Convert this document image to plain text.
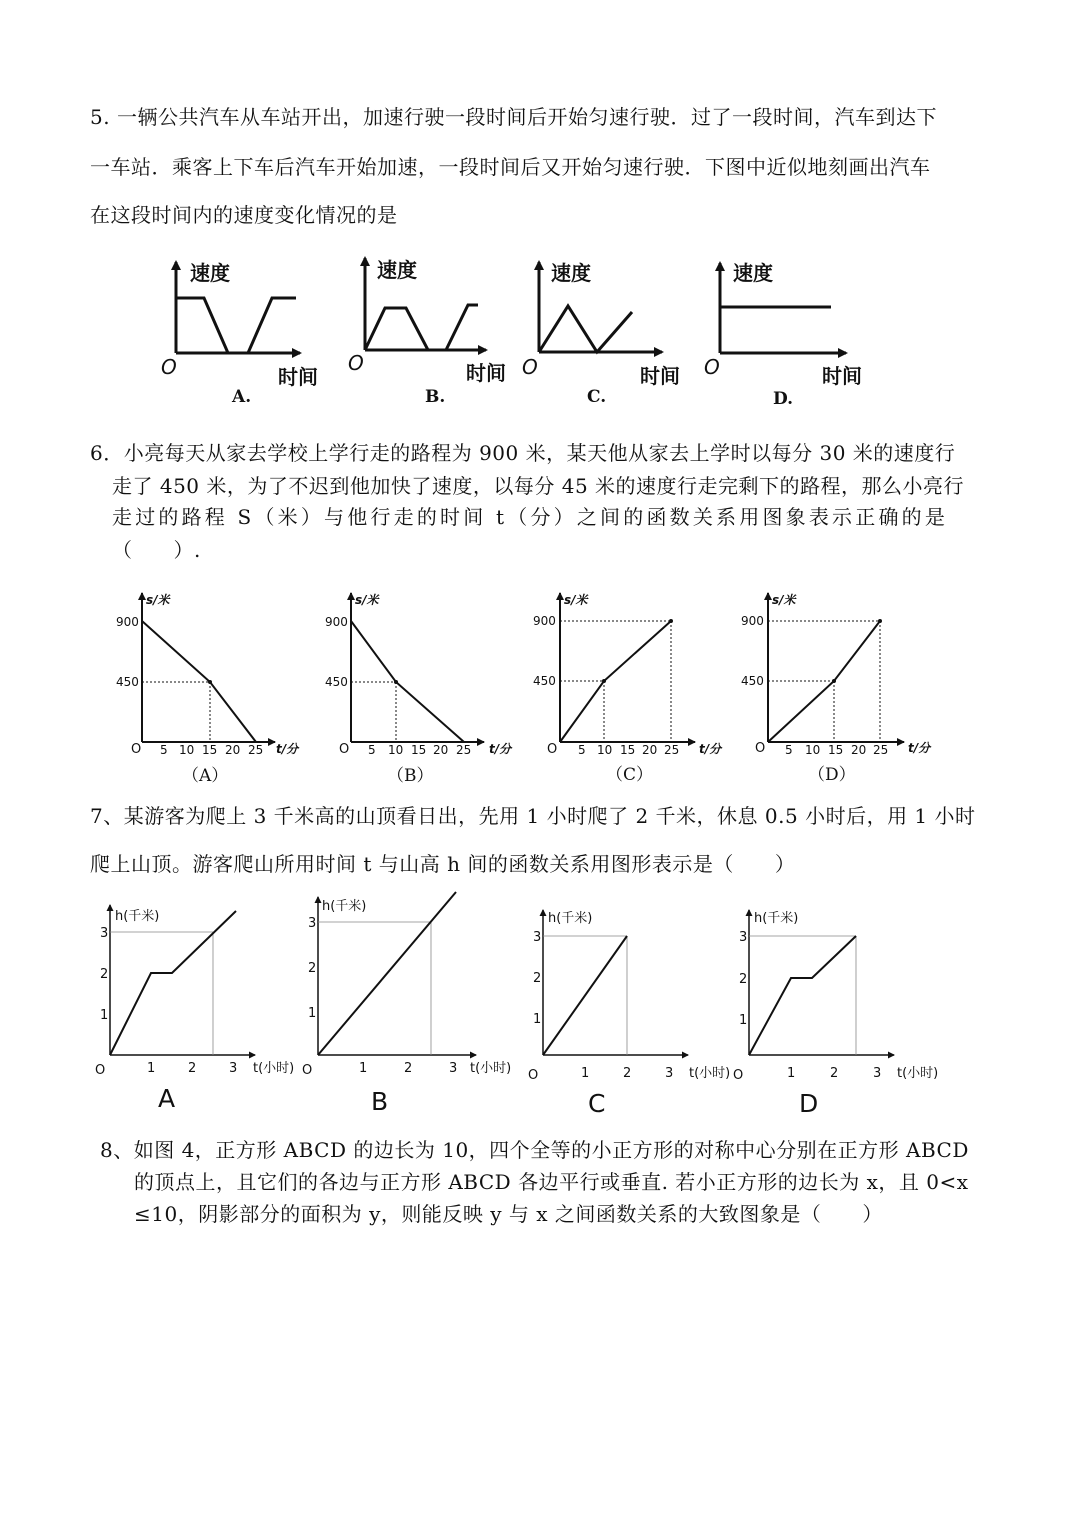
5. 一辆公共汽车从车站开出，加速行驶一段时间后开始匀速行驶．过了一段时间，汽车到达下
一车站．乘客上下车后汽车开始加速，一段时间后又开始匀速行驶．下图中近似地刻画出汽车
在这段时间内的速度变化情况的是
速度
时间
O
A.
速度
时间
O
B.
速度
时间
O
C.
速度
时间
O
D.
6．小亮每天从家去学校上学行走的路程为 900 米，某天他从家去上学时以每分 30 米的速度行
走了 450 米，为了不迟到他加快了速度，以每分 45 米的速度行走完剩下的路程，那么小亮行
走过的路程 S（米）与他行走的时间 t（分）之间的函数关系用图象表示正确的是
（　　）.
s/米
900
450
O 5 10 15 20 25 t/分
（A）
s/米
900
450
O 5 10 15 20 25 t/分
（B）
s/米
900
450
O 5 10 15 20 25 t/分
（C）
s/米
900
450
O 5 10 15 20 25 t/分
（D）
7、某游客为爬上 3 千米高的山顶看日出，先用 1 小时爬了 2 千米，休息 0.5 小时后，用 1 小时
爬上山顶。游客爬山所用时间 t 与山高 h 间的函数关系用图形表示是（　　）
h(千米)
3
2
1
O	1	2	3 t(小时)
A
h(千米)
3
2
1
O	1	2	3 t(小时)
B
h(千米)
3
2
1
O	1	2	3 t(小时)
C
h(千米)
3
2
1
O	1	2	3 t(小时)
D
8、如图 4，正方形 ABCD 的边长为 10，四个全等的小正方形的对称中心分别在正方形 ABCD
的顶点上，且它们的各边与正方形 ABCD 各边平行或垂直. 若小正方形的边长为 x，且 0<x
≤10，阴影部分的面积为 y，则能反映 y 与 x 之间函数关系的大致图象是（　　）
